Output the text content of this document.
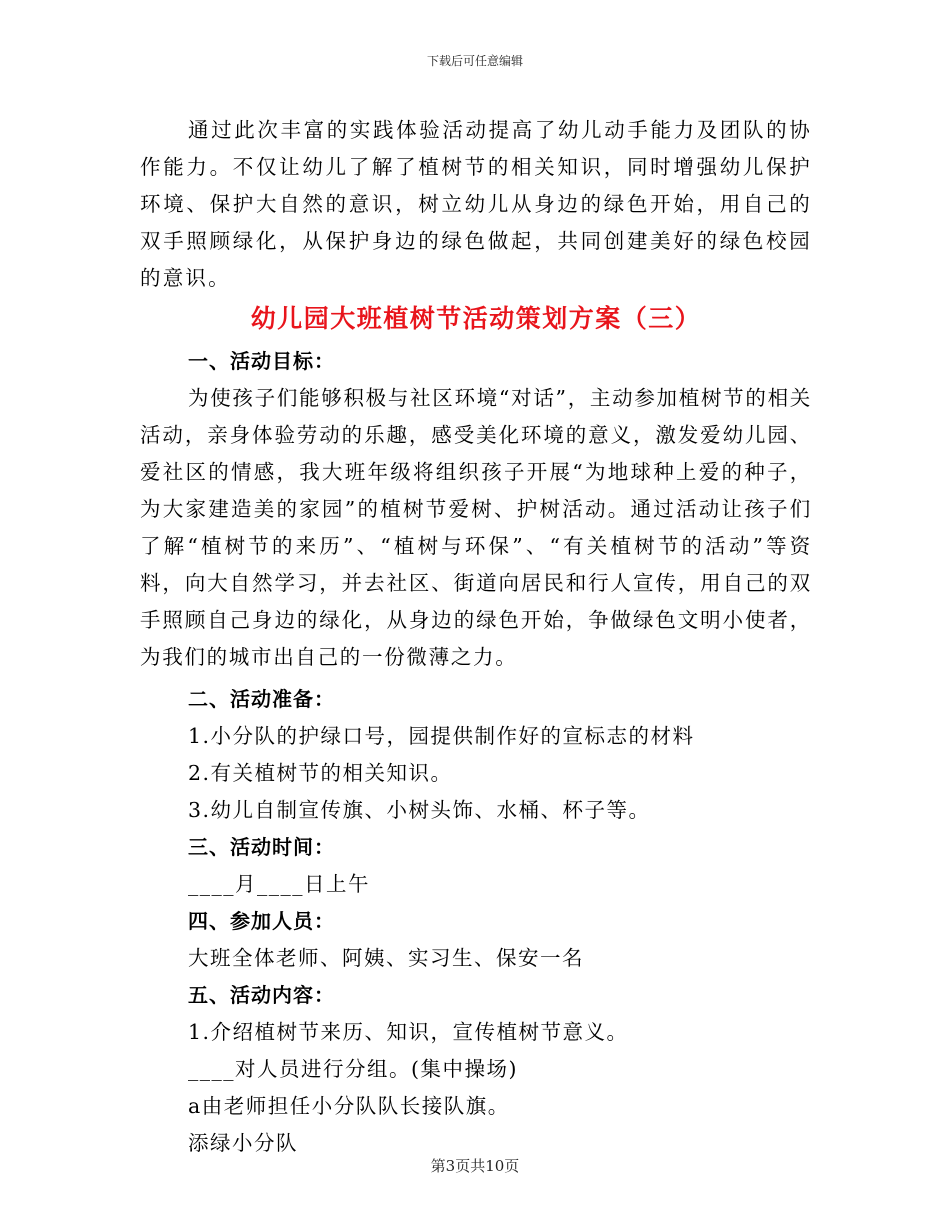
下载后可任意编辑

通过此次丰富的实践体验活动提高了幼儿动手能力及团队的协作能力。不仅让幼儿了解了植树节的相关知识，同时增强幼儿保护环境、保护大自然的意识，树立幼儿从身边的绿色开始，用自己的双手照顾绿化，从保护身边的绿色做起，共同创建美好的绿色校园的意识。

幼儿园大班植树节活动策划方案（三）

一、活动目标：

为使孩子们能够积极与社区环境“对话”，主动参加植树节的相关活动，亲身体验劳动的乐趣，感受美化环境的意义，激发爱幼儿园、爱社区的情感，我大班年级将组织孩子开展“为地球种上爱的种子，为大家建造美的家园”的植树节爱树、护树活动。通过活动让孩子们了解“植树节的来历”、“植树与环保”、“有关植树节的活动”等资料，向大自然学习，并去社区、街道向居民和行人宣传，用自己的双手照顾自己身边的绿化，从身边的绿色开始，争做绿色文明小使者，为我们的城市出自己的一份微薄之力。

二、活动准备：

1.小分队的护绿口号，园提供制作好的宣标志的材料

2.有关植树节的相关知识。

3.幼儿自制宣传旗、小树头饰、水桶、杯子等。

三、活动时间：

____月____日上午

四、参加人员：

大班全体老师、阿姨、实习生、保安一名

五、活动内容：

1.介绍植树节来历、知识，宣传植树节意义。

____对人员进行分组。(集中操场)

a由老师担任小分队队长接队旗。

添绿小分队

第3页共10页
